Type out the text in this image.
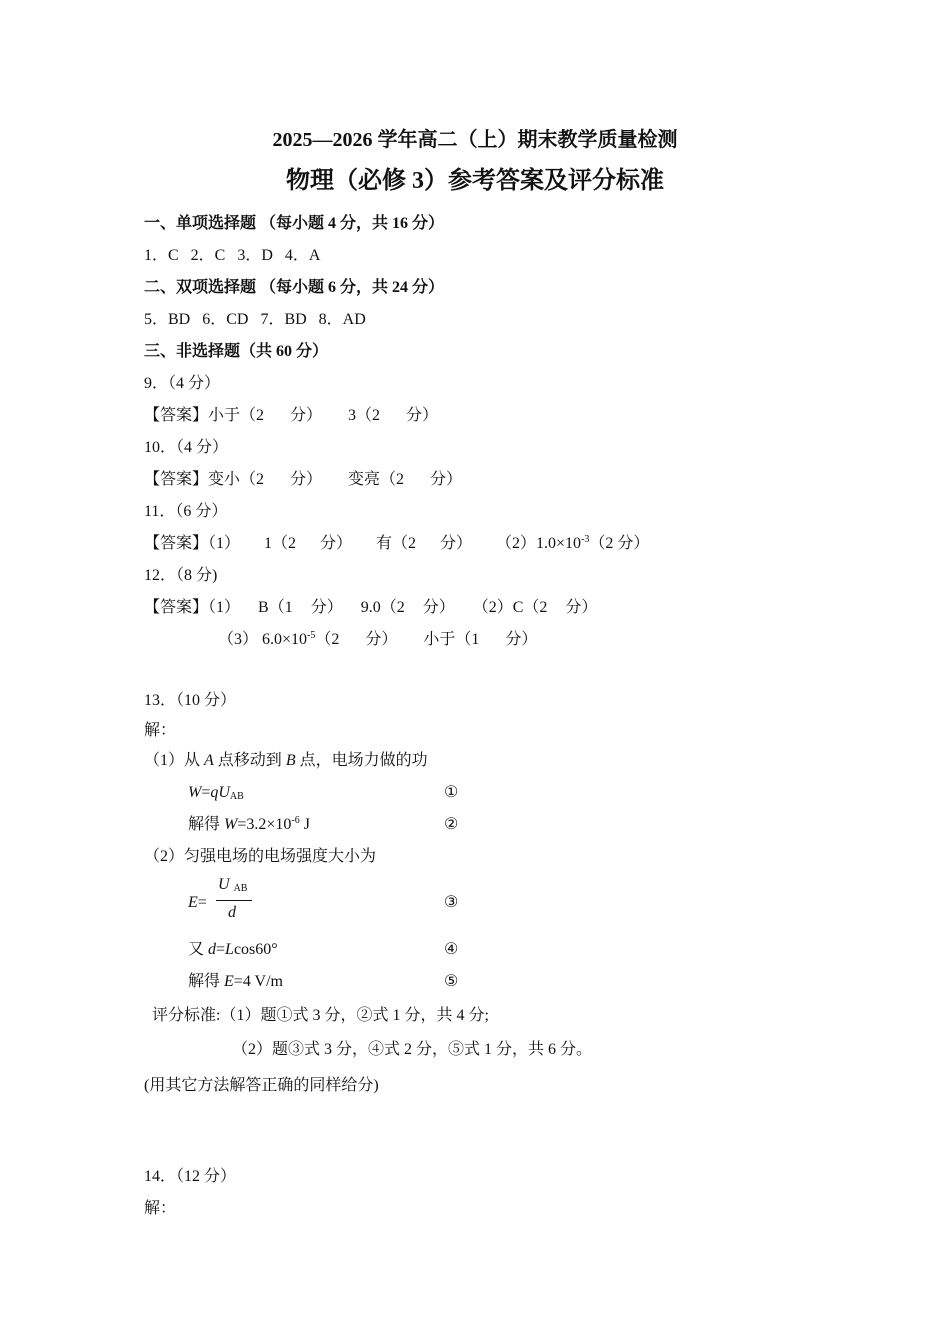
2025—2026 学年高二（上）期末教学质量检测
物理（必修 3）参考答案及评分标准
一、单项选择题 （每小题 4 分，共 16 分）
1．C 2．C 3．D 4．A
二、双项选择题 （每小题 6 分，共 24 分）
5．BD 6．CD 7．BD 8．AD
三、非选择题（共 60 分）
9．（4 分）
【答案】小于（2 分） 3（2 分）
10．（4 分）
【答案】变小（2 分） 变亮（2 分）
11．（6 分）
【答案】（1） 1（2 分） 有（2 分） $(2)1.0\times 10^{-3}(2$ 分）
12．（8 分)
【答案】（1） B（1 分） 9.0（2 分） （2）C（2 分）
（3） $6.0\times 10^{-5}(2$ 分） 小于（1 分）
13．（10 分）
解：
（1）从 A 点移动到 B 点，电场力做的功
$W=qU_{AB}$	①
解得 $W=3.2\times 10^{-6}$ J	②
（2）匀强电场的电场强度大小为
E=
U $_{AB}$
d
③
又 d=Lcos60°	④
解得 E=4 V/m	⑤
评分标准:（1）题①式 3 分，②式 1 分，共 4 分;
（2）题③式 3 分，④式 2 分，⑤式 1 分，共 6 分。
(用其它方法解答正确的同样给分)
14．（12 分）
解：
